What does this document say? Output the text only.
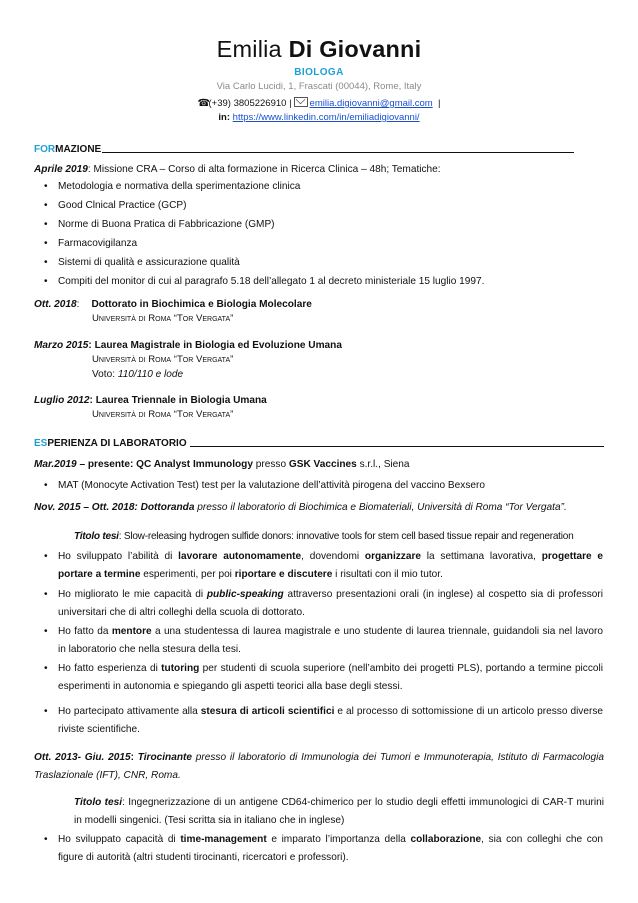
Emilia Di Giovanni
BIOLOGA
Via Carlo Lucidi, 1, Frascati (00044), Rome, Italy
☎(+39) 3805226910 | emilia.digiovanni@gmail.com |
in: https://www.linkedin.com/in/emiliadigiovanni/
FOR MAZIONE
Aprile 2019: Missione CRA – Corso di alta formazione in Ricerca Clinica – 48h; Tematiche:
• Metodologia e normativa della sperimentazione clinica
• Good Clnical Practice (GCP)
• Norme di Buona Pratica di Fabbricazione (GMP)
• Farmacovigilanza
• Sistemi di qualità e assicurazione qualità
• Compiti del monitor di cui al paragrafo 5.18 dell’allegato 1 al decreto ministeriale 15 luglio 1997.
Ott. 2018: Dottorato in Biochimica e Biologia Molecolare
Università di Roma “Tor Vergata”
Marzo 2015: Laurea Magistrale in Biologia ed Evoluzione Umana
Università di Roma “Tor Vergata”
Voto: 110/110 e lode
Luglio 2012: Laurea Triennale in Biologia Umana
Università di Roma “Tor Vergata”
ES PERIENZA DI LABORATORIO
Mar.2019 – presente: QC Analyst Immunology presso GSK Vaccines s.r.l., Siena
• MAT (Monocyte Activation Test) test per la valutazione dell’attività pirogena del vaccino Bexsero
Nov. 2015 – Ott. 2018: Dottoranda presso il laboratorio di Biochimica e Biomateriali, Università di Roma “Tor Vergata”.
Titolo tesi: Slow-releasing hydrogen sulfide donors: innovative tools for stem cell based tissue repair and regeneration
• Ho sviluppato l’abilità di lavorare autonomamente, dovendomi organizzare la settimana lavorativa, progettare e portare a termine esperimenti, per poi riportare e discutere i risultati con il mio tutor.
• Ho migliorato le mie capacità di public-speaking attraverso presentazioni orali (in inglese) al cospetto sia di professori universitari che di altri colleghi della scuola di dottorato.
• Ho fatto da mentore a una studentessa di laurea magistrale e uno studente di laurea triennale, guidandoli sia nel lavoro in laboratorio che nella stesura della tesi.
• Ho fatto esperienza di tutoring per studenti di scuola superiore (nell’ambito dei progetti PLS), portando a termine piccoli esperimenti in autonomia e spiegando gli aspetti teorici alla base degli stessi.
• Ho partecipato attivamente alla stesura di articoli scientifici e al processo di sottomissione di un articolo presso diverse riviste scientifiche.
Ott. 2013- Giu. 2015: Tirocinante presso il laboratorio di Immunologia dei Tumori e Immunoterapia, Istituto di Farmacologia Traslazionale (IFT), CNR, Roma.
Titolo tesi: Ingegnerizzazione di un antigene CD64-chimerico per lo studio degli effetti immunologici di CAR-T murini in modelli singenici. (Tesi scritta sia in italiano che in inglese)
• Ho sviluppato capacità di time-management e imparato l’importanza della collaborazione, sia con colleghi che con figure di autorità (altri studenti tirocinanti, ricercatori e professori).
